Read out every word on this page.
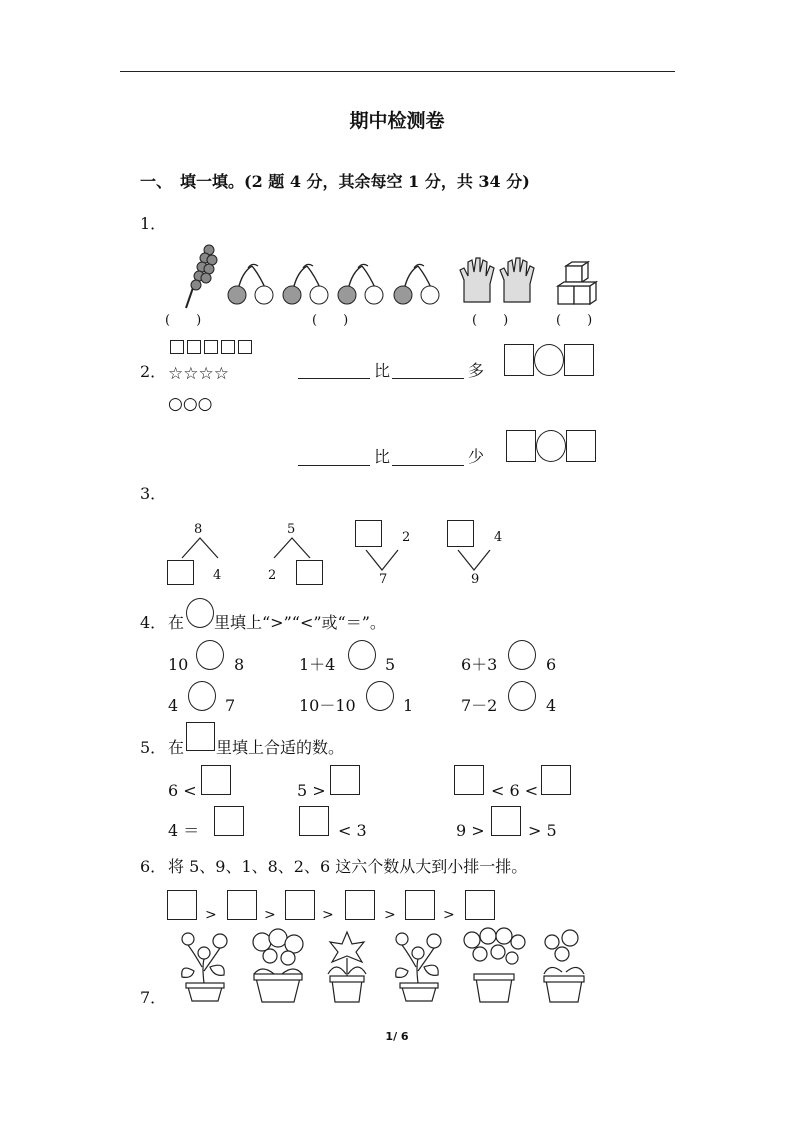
期中检测卷
一、　填一填。(2 题 4 分，其余每空 1 分，共 34 分)
1．
(　　)	(　　)	(　　)	(　　)
2． ☆☆☆☆
○○○
比	多
比	少
3．
8
4
5
2
2
7
4
9
4． 在 里填上“>”“<”或“＝”。
10	8	1＋4	5	6＋3	6
4	7	10－10	1	7－2	4
5． 在 里填上合适的数。
6 <	5 >	< 6 <
4 ＝	< 3	9 >	> 5
6． 将 5、9、1、8、2、6 这六个数从大到小排一排。
>	>	>	>	>
7．
1/ 6
